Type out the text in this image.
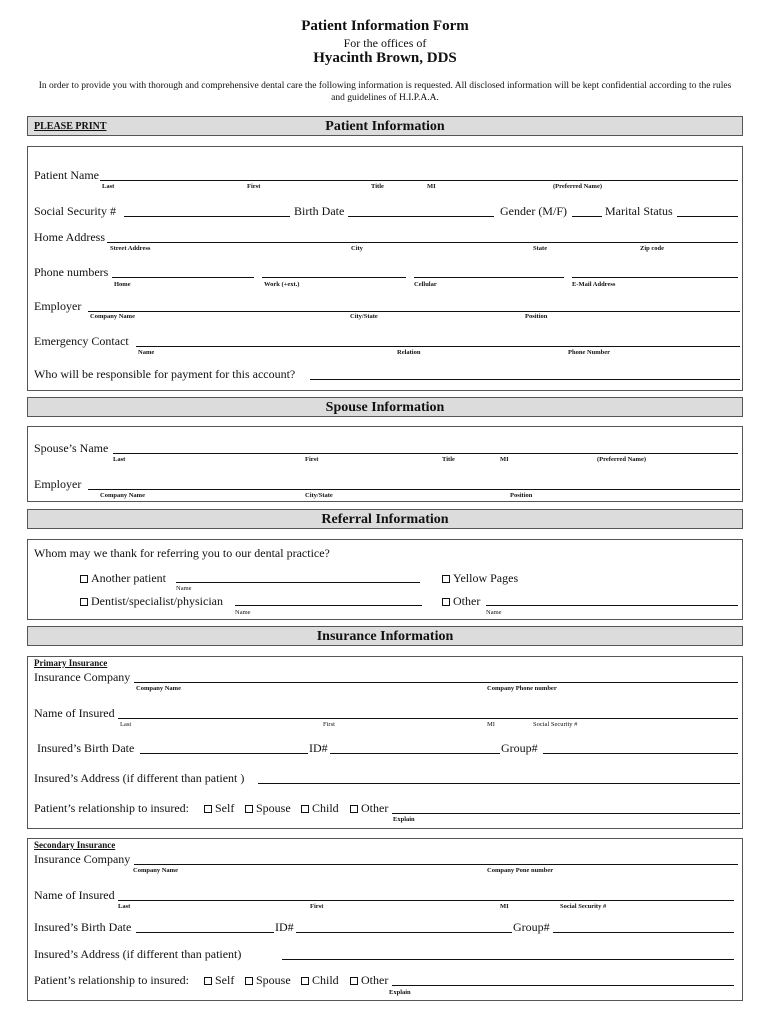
Patient Information Form
For the offices of
Hyacinth Brown, DDS
In order to provide you with thorough and comprehensive dental care the following information is requested. All disclosed information will be kept confidential according to the rules and guidelines of H.I.P.A.A.
PLEASE PRINT	Patient Information
Patient Name
Last	First	Title	MI	(Preferred Name)
Social Security #	Birth Date	Gender (M/F)	Marital Status
Home Address
Street Address	City	State	Zip code
Phone numbers
Home	Work (+ext.)	Cellular	E-Mail Address
Employer
Company Name	City/State	Position
Emergency Contact
Name	Relation	Phone Number
Who will be responsible for payment for this account?
Spouse Information
Spouse’s Name
Last	First	Title	MI	(Preferred Name)
Employer
Company Name	City/State	Position
Referral Information
Whom may we thank for referring you to our dental practice?
Another patient
Name
Dentist/specialist/physician
Name
Yellow Pages
Other
Name
Insurance Information
Primary Insurance
Insurance Company
Company Name	Company Phone number
Name of Insured
Last	First	MI	Social Security #
Insured’s Birth Date	ID#	Group#
Insured’s Address (if different than patient )
Patient’s relationship to insured:	Self	Spouse	Child	Other
Explain
Secondary Insurance
Insurance Company
Company Name	Company Pone number
Name of Insured
Last	First	MI	Social Security #
Insured’s Birth Date	ID#	Group#
Insured’s Address (if different than patient)
Patient’s relationship to insured:	Self	Spouse	Child	Other
Explain
